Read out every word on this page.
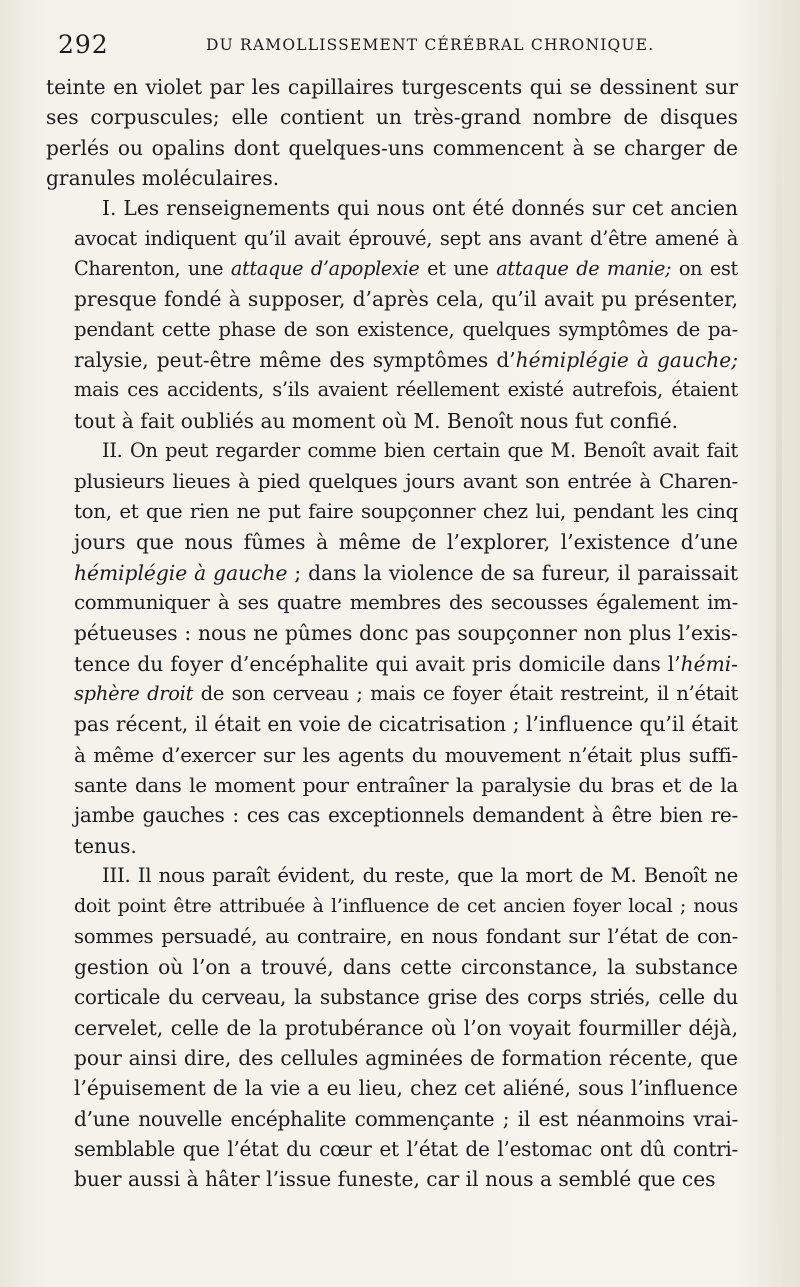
292	DU RAMOLLISSEMENT CÉRÉBRAL CHRONIQUE.
teinte en violet par les capillaires turgescents qui se dessinent sur
ses corpuscules; elle contient un très-grand nombre de disques
perlés ou opalins dont quelques-uns commencent à se charger de
granules moléculaires.
I. Les renseignements qui nous ont été donnés sur cet ancien
avocat indiquent qu’il avait éprouvé, sept ans avant d’être amené à
Charenton, une attaque d’apoplexie et une attaque de manie; on est
presque fondé à supposer, d’après cela, qu’il avait pu présenter,
pendant cette phase de son existence, quelques symptômes de pa-
ralysie, peut-être même des symptômes d’hémiplégie à gauche;
mais ces accidents, s’ils avaient réellement existé autrefois, étaient
tout à fait oubliés au moment où M. Benoît nous fut confié.
II. On peut regarder comme bien certain que M. Benoît avait fait
plusieurs lieues à pied quelques jours avant son entrée à Charen-
ton, et que rien ne put faire soupçonner chez lui, pendant les cinq
jours que nous fûmes à même de l’explorer, l’existence d’une
hémiplégie à gauche ; dans la violence de sa fureur, il paraissait
communiquer à ses quatre membres des secousses également im-
pétueuses : nous ne pûmes donc pas soupçonner non plus l’exis-
tence du foyer d’encéphalite qui avait pris domicile dans l’hémi-
sphère droit de son cerveau ; mais ce foyer était restreint, il n’était
pas récent, il était en voie de cicatrisation ; l’influence qu’il était
à même d’exercer sur les agents du mouvement n’était plus suffi-
sante dans le moment pour entraîner la paralysie du bras et de la
jambe gauches : ces cas exceptionnels demandent à être bien re-
tenus.
III. Il nous paraît évident, du reste, que la mort de M. Benoît ne
doit point être attribuée à l’influence de cet ancien foyer local ; nous
sommes persuadé, au contraire, en nous fondant sur l’état de con-
gestion où l’on a trouvé, dans cette circonstance, la substance
corticale du cerveau, la substance grise des corps striés, celle du
cervelet, celle de la protubérance où l’on voyait fourmiller déjà,
pour ainsi dire, des cellules agminées de formation récente, que
l’épuisement de la vie a eu lieu, chez cet aliéné, sous l’influence
d’une nouvelle encéphalite commençante ; il est néanmoins vrai-
semblable que l’état du cœur et l’état de l’estomac ont dû contri-
buer aussi à hâter l’issue funeste, car il nous a semblé que ces
